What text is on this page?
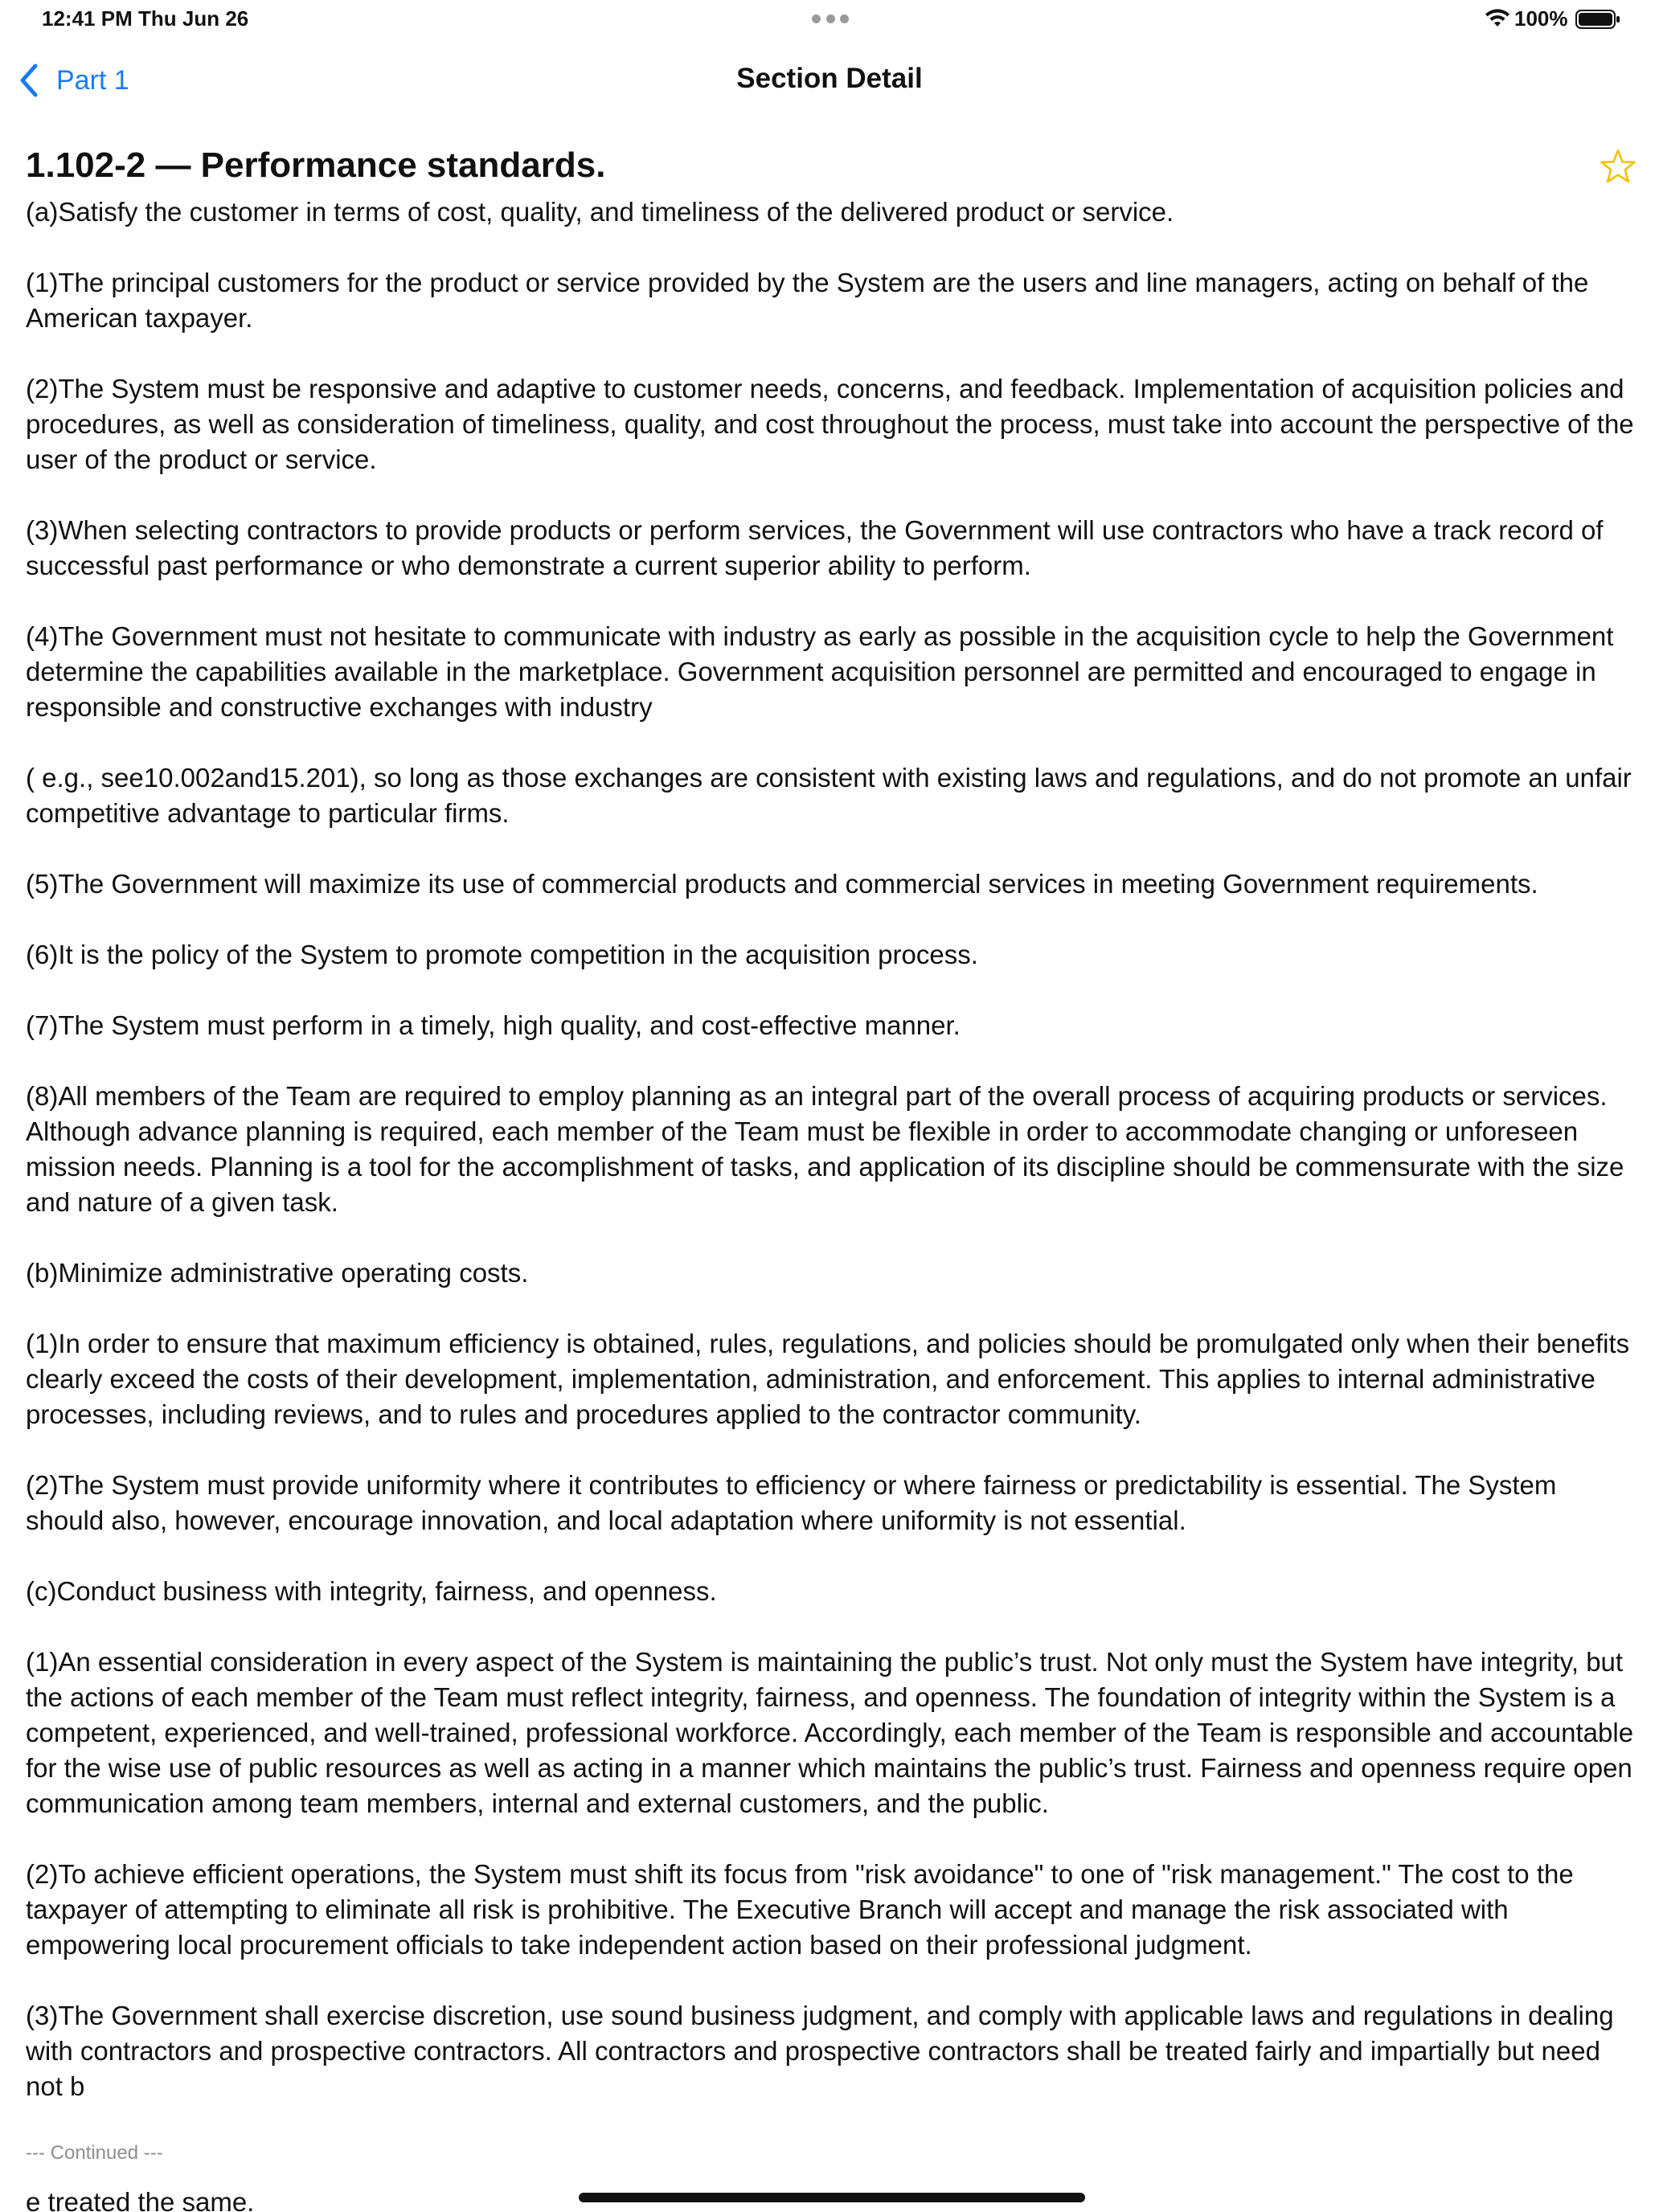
12:41 PM Thu Jun 26	100%
Part 1	Section Detail
1.102-2 — Performance standards.

(a)Satisfy the customer in terms of cost, quality, and timeliness of the delivered product or service.

(1)The principal customers for the product or service provided by the System are the users and line managers, acting on behalf of the American taxpayer.

(2)The System must be responsive and adaptive to customer needs, concerns, and feedback. Implementation of acquisition policies and procedures, as well as consideration of timeliness, quality, and cost throughout the process, must take into account the perspective of the user of the product or service.

(3)When selecting contractors to provide products or perform services, the Government will use contractors who have a track record of successful past performance or who demonstrate a current superior ability to perform.

(4)The Government must not hesitate to communicate with industry as early as possible in the acquisition cycle to help the Government determine the capabilities available in the marketplace. Government acquisition personnel are permitted and encouraged to engage in responsible and constructive exchanges with industry

( e.g., see10.002and15.201), so long as those exchanges are consistent with existing laws and regulations, and do not promote an unfair competitive advantage to particular firms.

(5)The Government will maximize its use of commercial products and commercial services in meeting Government requirements.

(6)It is the policy of the System to promote competition in the acquisition process.

(7)The System must perform in a timely, high quality, and cost-effective manner.

(8)All members of the Team are required to employ planning as an integral part of the overall process of acquiring products or services. Although advance planning is required, each member of the Team must be flexible in order to accommodate changing or unforeseen mission needs. Planning is a tool for the accomplishment of tasks, and application of its discipline should be commensurate with the size and nature of a given task.

(b)Minimize administrative operating costs.

(1)In order to ensure that maximum efficiency is obtained, rules, regulations, and policies should be promulgated only when their benefits clearly exceed the costs of their development, implementation, administration, and enforcement. This applies to internal administrative processes, including reviews, and to rules and procedures applied to the contractor community.

(2)The System must provide uniformity where it contributes to efficiency or where fairness or predictability is essential. The System should also, however, encourage innovation, and local adaptation where uniformity is not essential.

(c)Conduct business with integrity, fairness, and openness.

(1)An essential consideration in every aspect of the System is maintaining the public’s trust. Not only must the System have integrity, but the actions of each member of the Team must reflect integrity, fairness, and openness. The foundation of integrity within the System is a competent, experienced, and well-trained, professional workforce. Accordingly, each member of the Team is responsible and accountable for the wise use of public resources as well as acting in a manner which maintains the public’s trust. Fairness and openness require open communication among team members, internal and external customers, and the public.

(2)To achieve efficient operations, the System must shift its focus from "risk avoidance" to one of "risk management." The cost to the taxpayer of attempting to eliminate all risk is prohibitive. The Executive Branch will accept and manage the risk associated with empowering local procurement officials to take independent action based on their professional judgment.

(3)The Government shall exercise discretion, use sound business judgment, and comply with applicable laws and regulations in dealing with contractors and prospective contractors. All contractors and prospective contractors shall be treated fairly and impartially but need not b

--- Continued ---

e treated the same.
